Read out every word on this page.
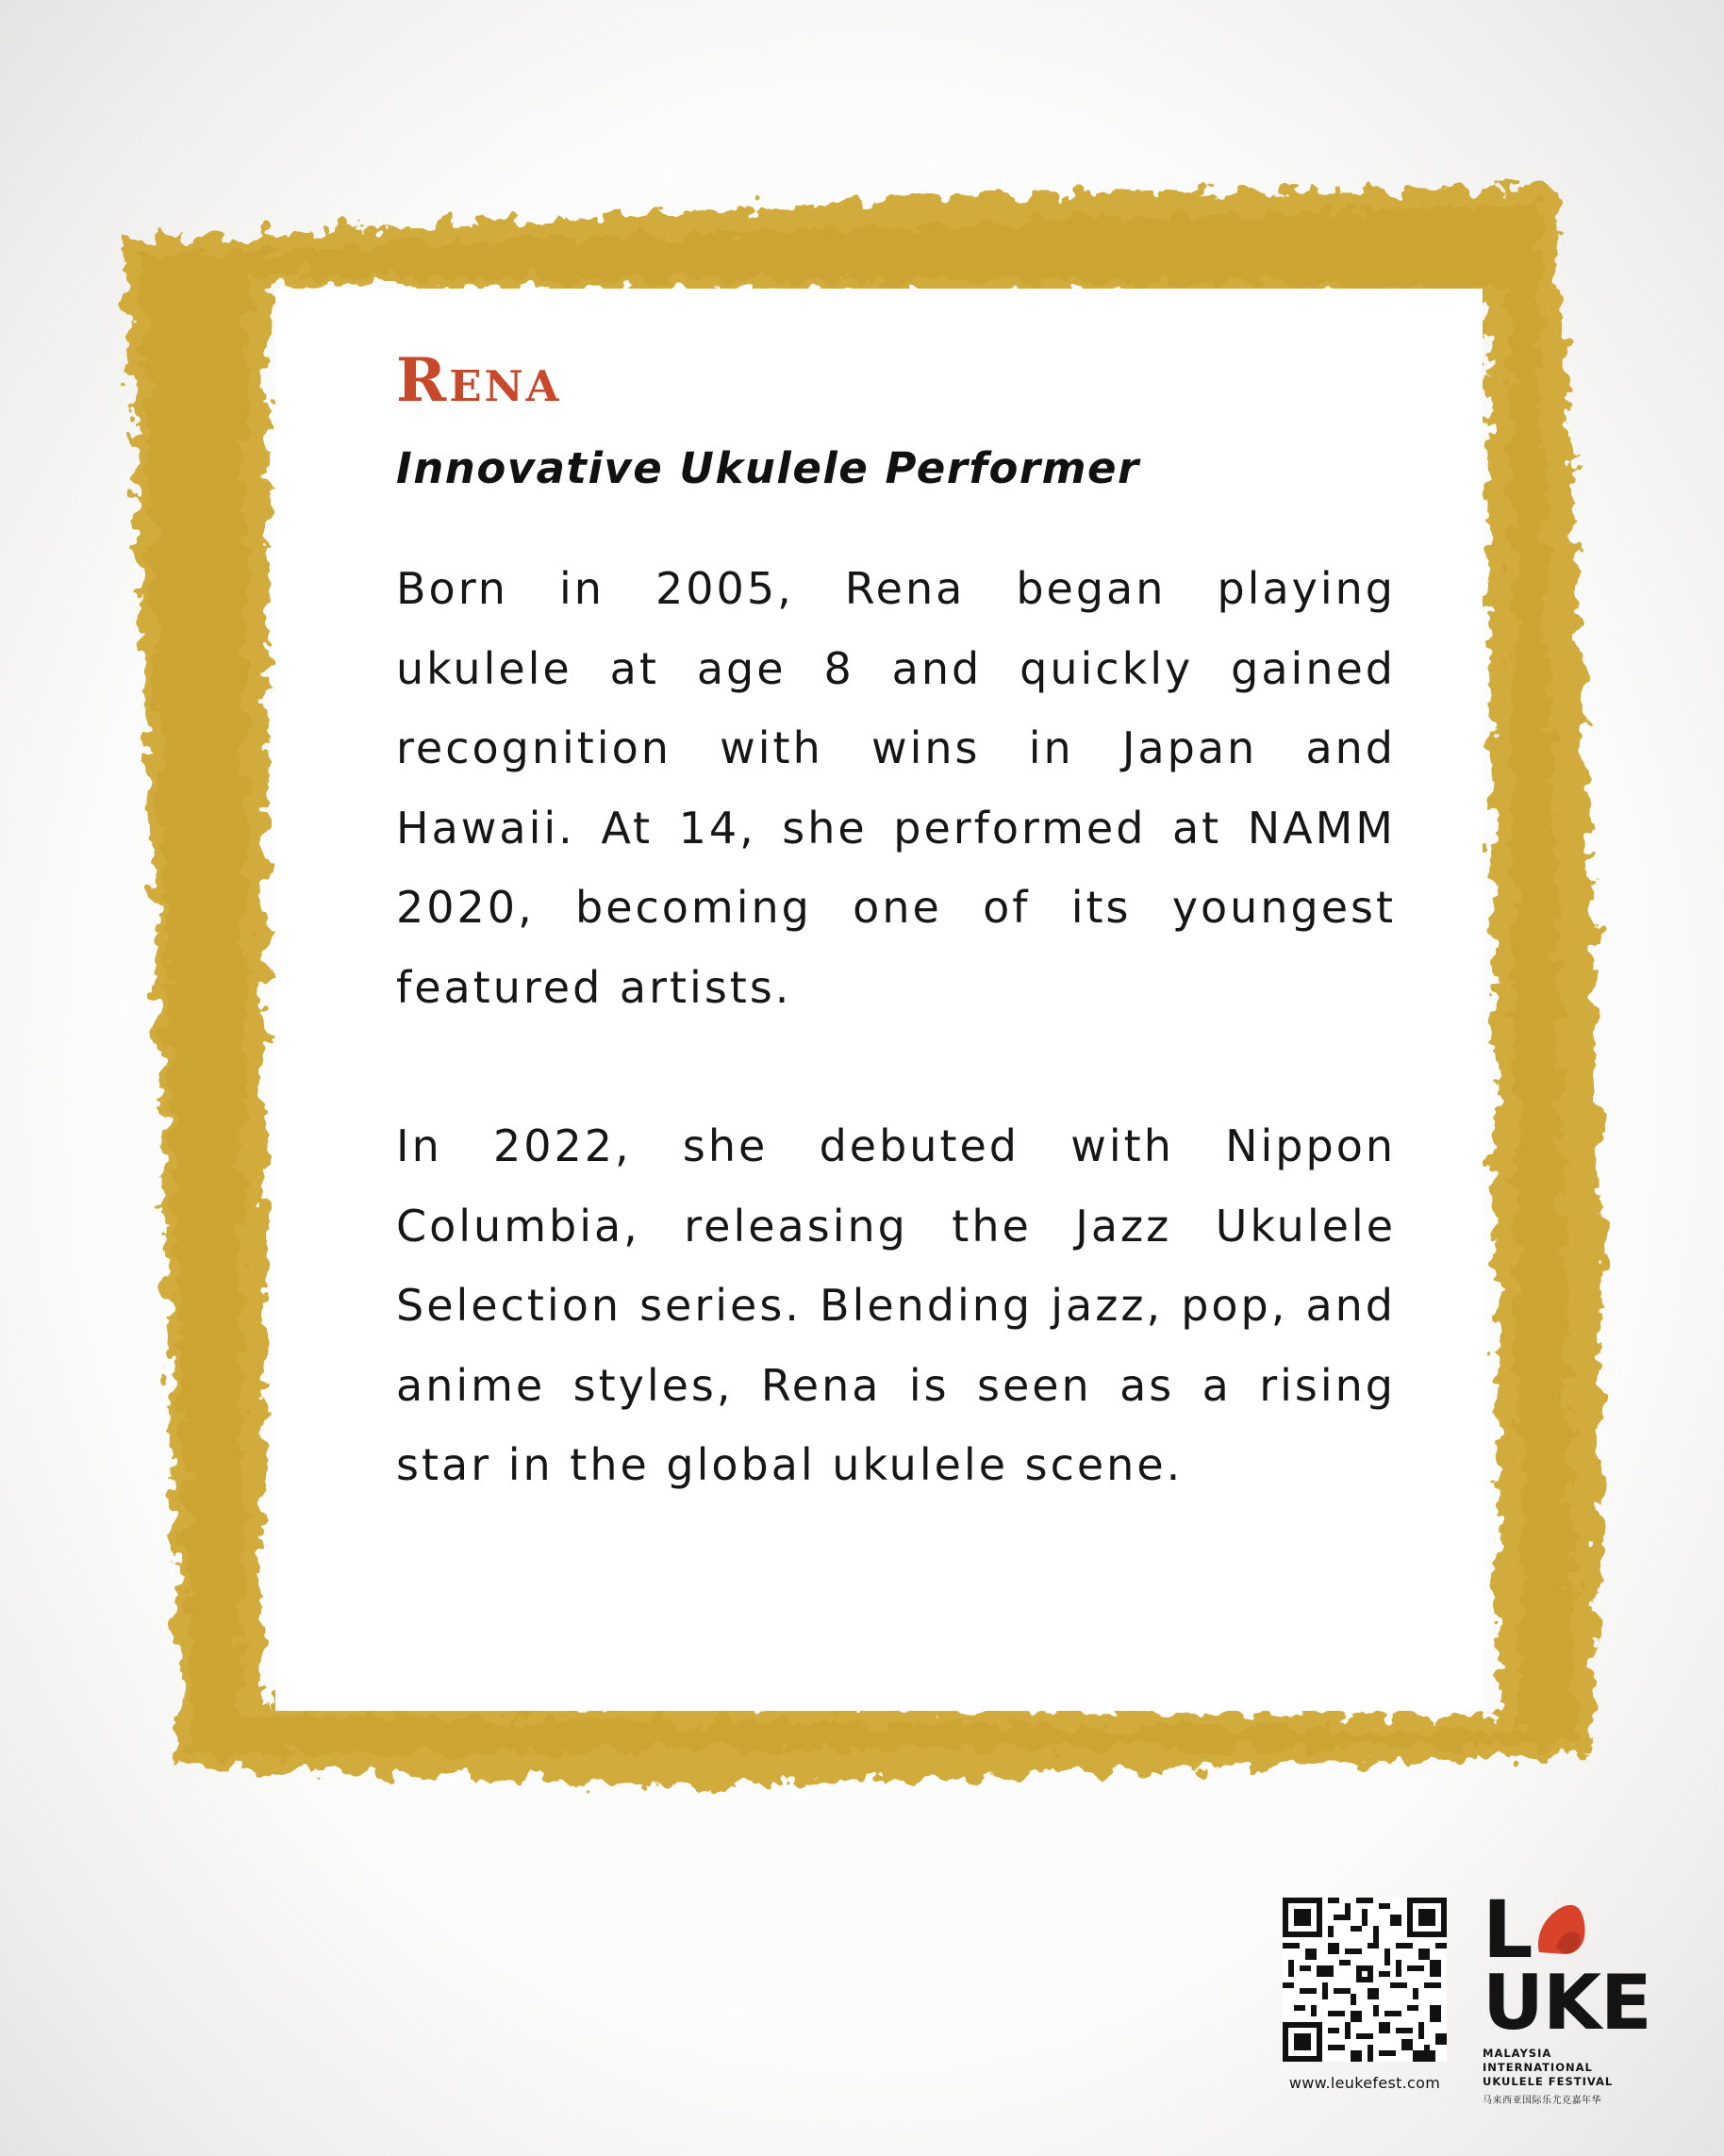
Rena
Innovative Ukulele Performer

Born in 2005, Rena began playing ukulele at age 8 and quickly gained recognition with wins in Japan and Hawaii. At 14, she performed at NAMM 2020, becoming one of its youngest featured artists.

In 2022, she debuted with Nippon Columbia, releasing the Jazz Ukulele Selection series. Blending jazz, pop, and anime styles, Rena is seen as a rising star in the global ukulele scene.

www.leukefest.com
L
UKE
MALAYSIA
INTERNATIONAL
UKULELE FESTIVAL
马来西亚国际乐尤克嘉年华
